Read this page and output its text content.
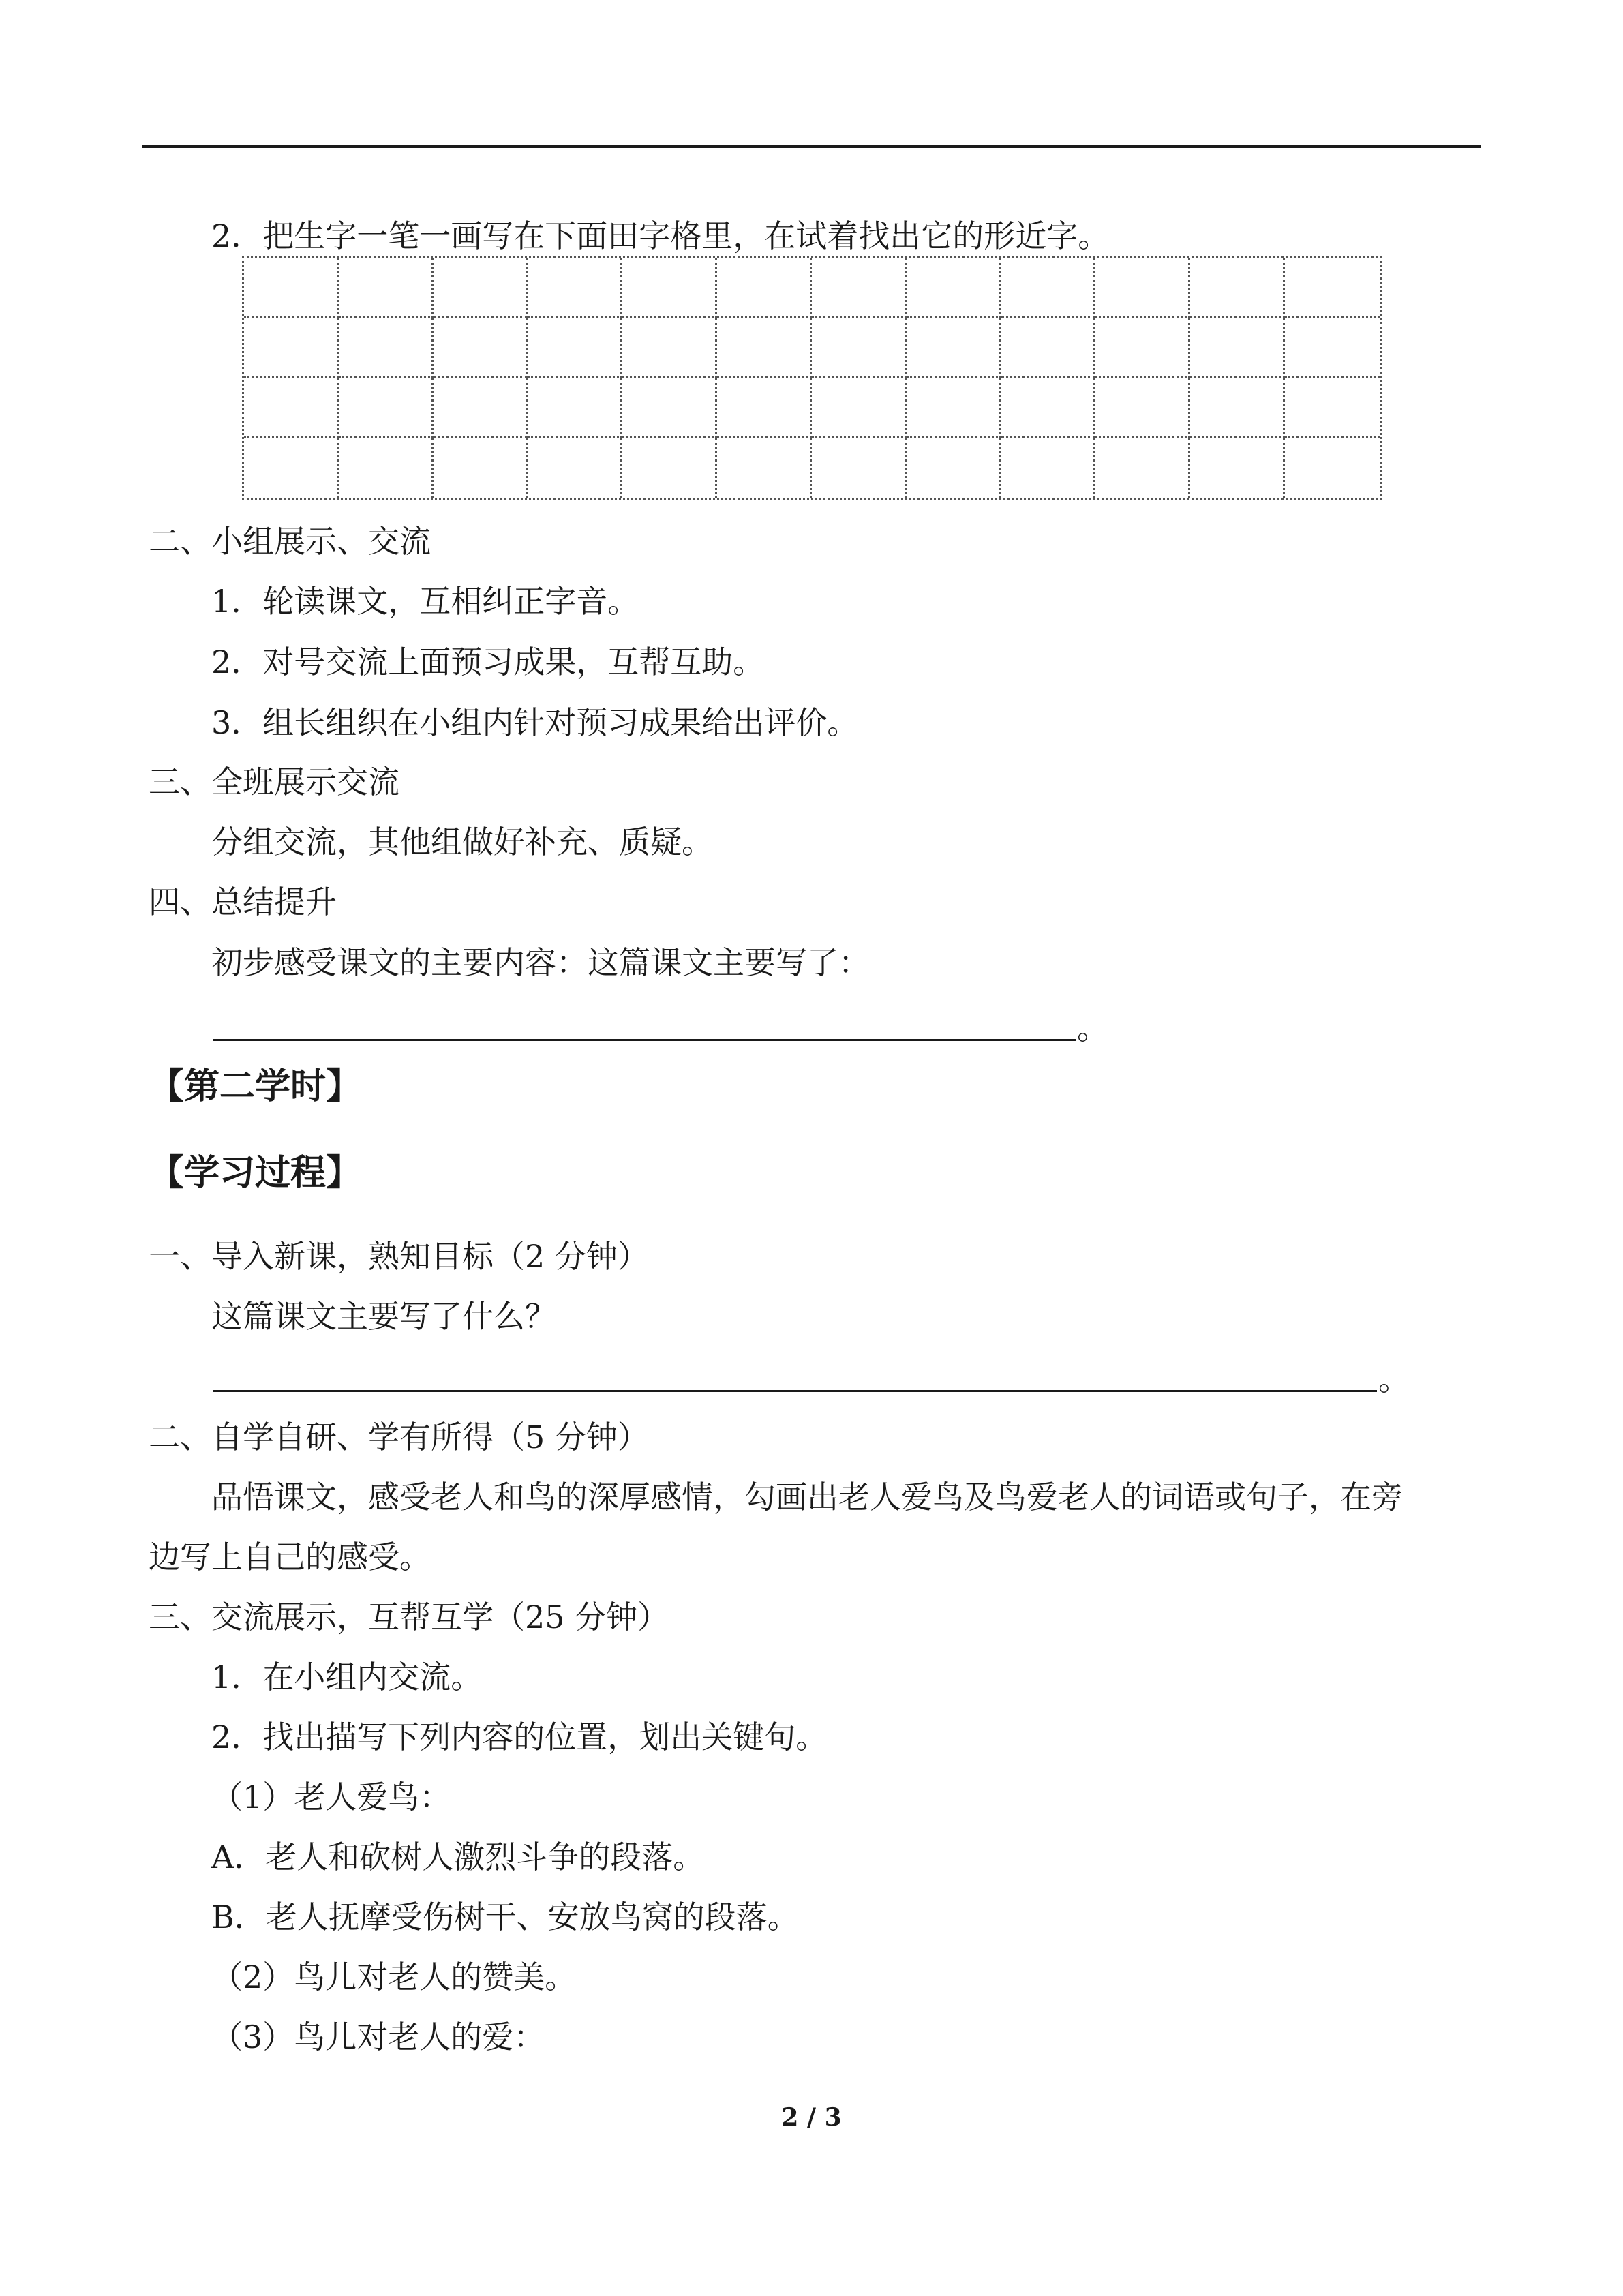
2．把生字一笔一画写在下面田字格里，在试着找出它的形近字。
二、小组展示、交流
1．轮读课文，互相纠正字音。
2．对号交流上面预习成果，互帮互助。
3．组长组织在小组内针对预习成果给出评价。
三、全班展示交流
分组交流，其他组做好补充、质疑。
四、总结提升
初步感受课文的主要内容：这篇课文主要写了：
。
【第二学时】
【学习过程】
一、导入新课，熟知目标（2 分钟）
这篇课文主要写了什么？
。
二、自学自研、学有所得（5 分钟）
品悟课文，感受老人和鸟的深厚感情，勾画出老人爱鸟及鸟爱老人的词语或句子，在旁
边写上自己的感受。
三、交流展示，互帮互学（25 分钟）
1．在小组内交流。
2．找出描写下列内容的位置，划出关键句。
（1）老人爱鸟：
A．老人和砍树人激烈斗争的段落。
B．老人抚摩受伤树干、安放鸟窝的段落。
（2）鸟儿对老人的赞美。
（3）鸟儿对老人的爱：
2 / 3
